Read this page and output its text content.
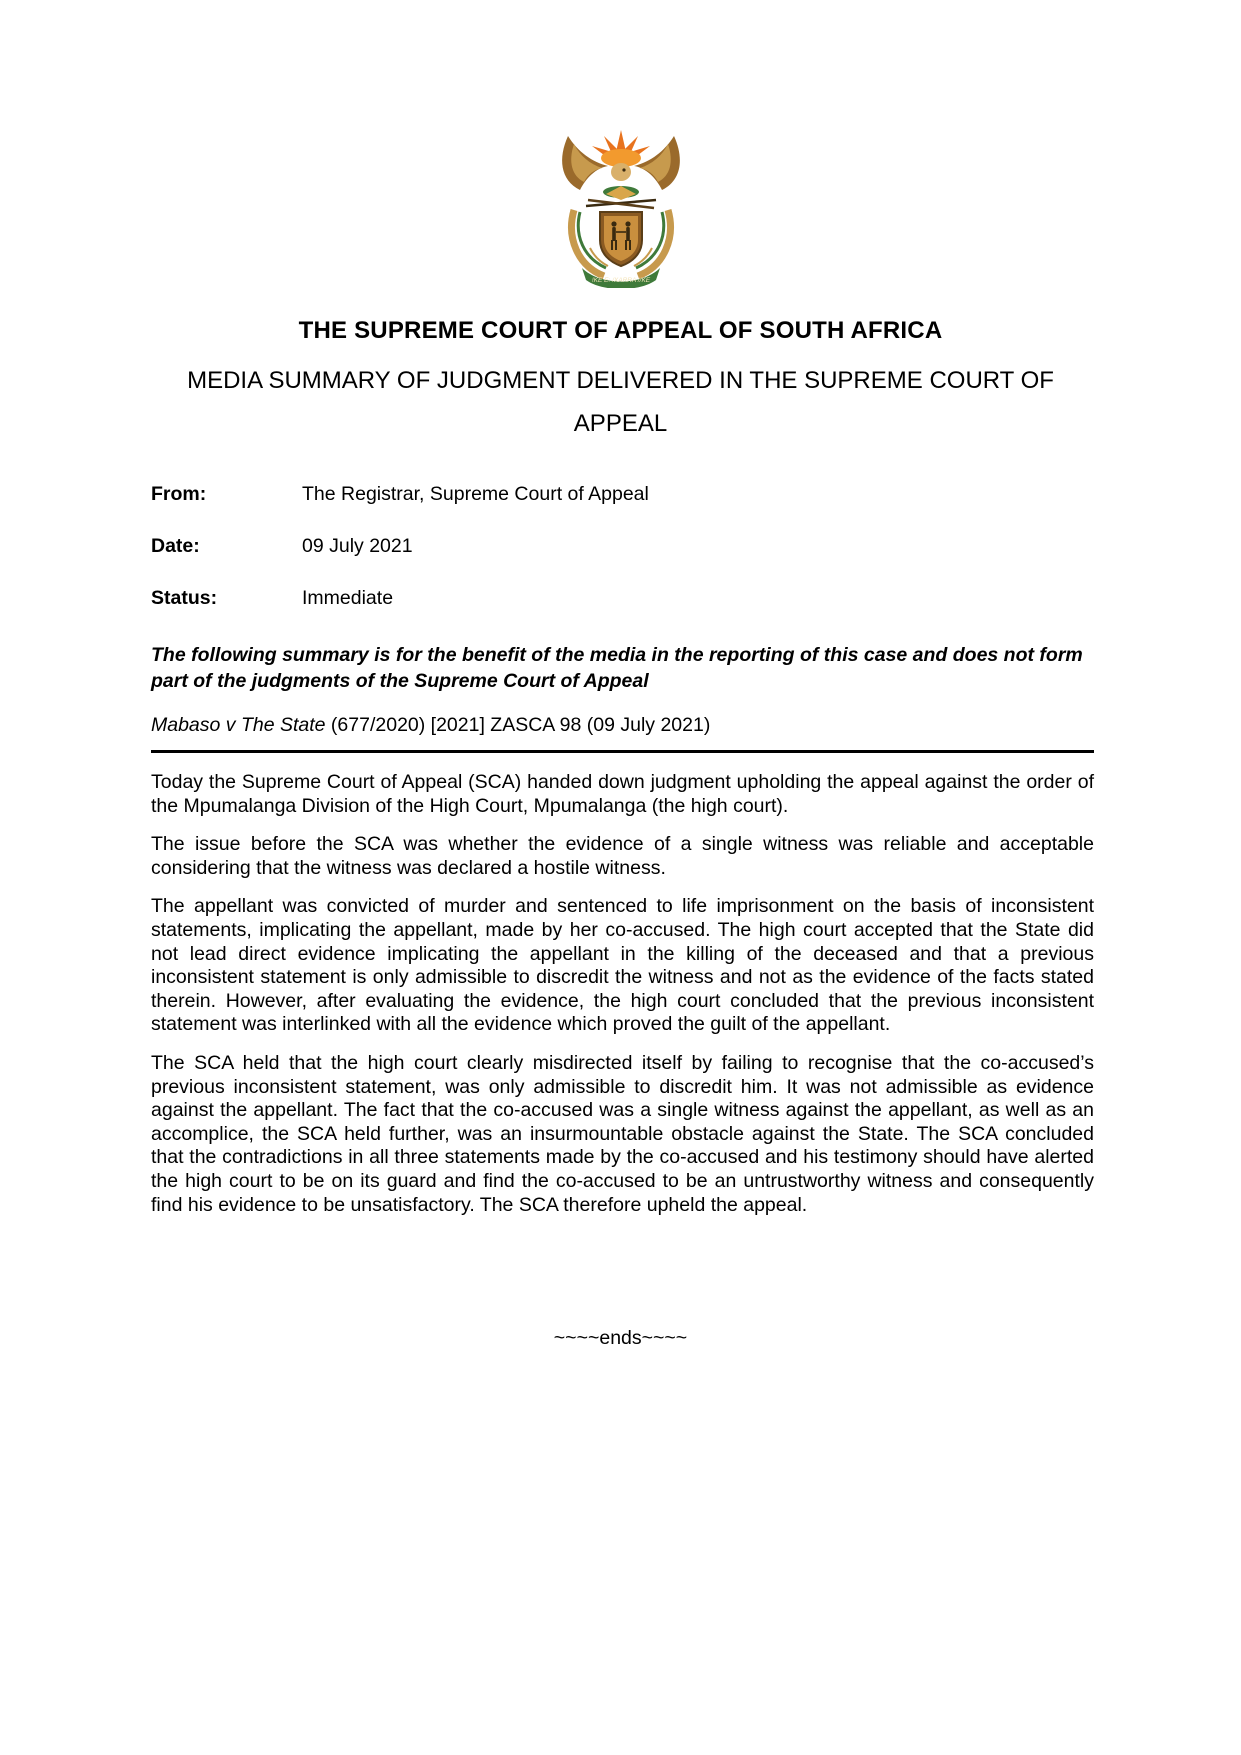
!KE E: /XARRA //KE
THE SUPREME COURT OF APPEAL OF SOUTH AFRICA
MEDIA SUMMARY OF JUDGMENT DELIVERED IN THE SUPREME COURT OF APPEAL
From:	The Registrar, Supreme Court of Appeal
Date:	09 July 2021
Status:	Immediate
The following summary is for the benefit of the media in the reporting of this case and does not form part of the judgments of the Supreme Court of Appeal
Mabaso v The State (677/2020) [2021] ZASCA 98 (09 July 2021)

Today the Supreme Court of Appeal (SCA) handed down judgment upholding the appeal against the order of the Mpumalanga Division of the High Court, Mpumalanga (the high court).

The issue before the SCA was whether the evidence of a single witness was reliable and acceptable considering that the witness was declared a hostile witness.

The appellant was convicted of murder and sentenced to life imprisonment on the basis of inconsistent statements, implicating the appellant, made by her co-accused. The high court accepted that the State did not lead direct evidence implicating the appellant in the killing of the deceased and that a previous inconsistent statement is only admissible to discredit the witness and not as the evidence of the facts stated therein. However, after evaluating the evidence, the high court concluded that the previous inconsistent statement was interlinked with all the evidence which proved the guilt of the appellant.

The SCA held that the high court clearly misdirected itself by failing to recognise that the co-accused’s previous inconsistent statement, was only admissible to discredit him. It was not admissible as evidence against the appellant. The fact that the co-accused was a single witness against the appellant, as well as an accomplice, the SCA held further, was an insurmountable obstacle against the State. The SCA concluded that the contradictions in all three statements made by the co-accused and his testimony should have alerted the high court to be on its guard and find the co-accused to be an untrustworthy witness and consequently find his evidence to be unsatisfactory. The SCA therefore upheld the appeal.

~~~~ends~~~~
